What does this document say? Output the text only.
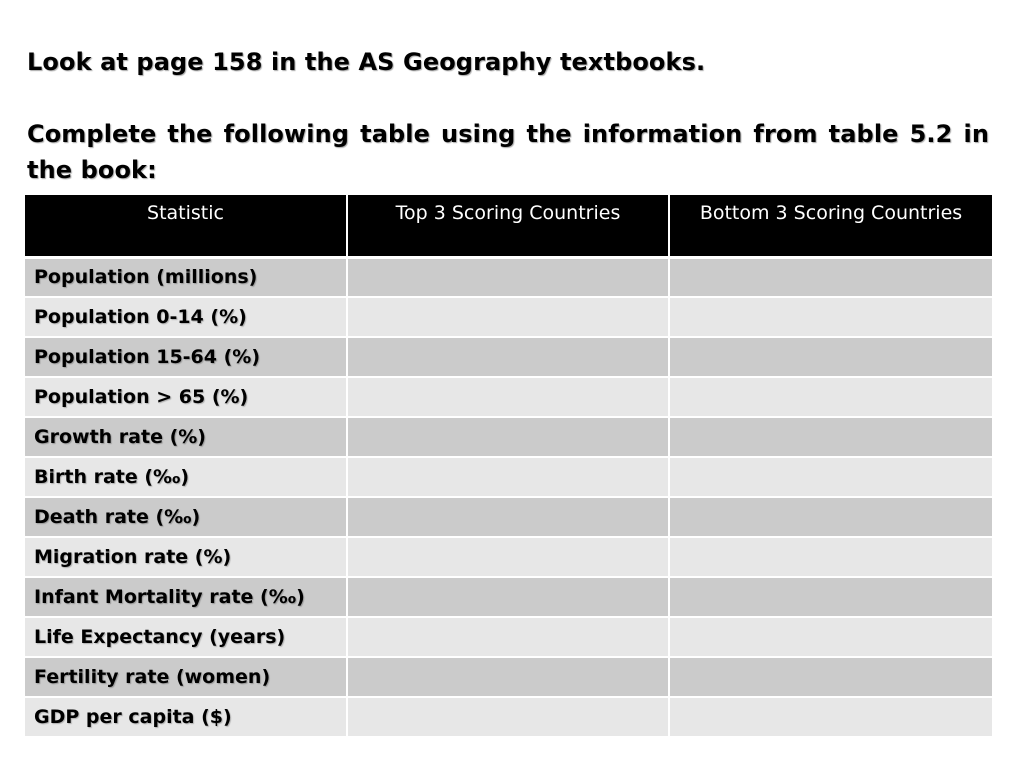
Look at page 158 in the AS Geography textbooks.

Complete the following table using the information from table 5.2 in the book:

Statistic	Top 3 Scoring Countries	Bottom 3 Scoring Countries
Population (millions)		
Population 0-14 (%)		
Population 15-64 (%)		
Population > 65 (%)		
Growth rate (%)		
Birth rate (‰)		
Death rate (‰)		
Migration rate (%)		
Infant Mortality rate (‰)		
Life Expectancy (years)		
Fertility rate (women)		
GDP per capita ($)		
